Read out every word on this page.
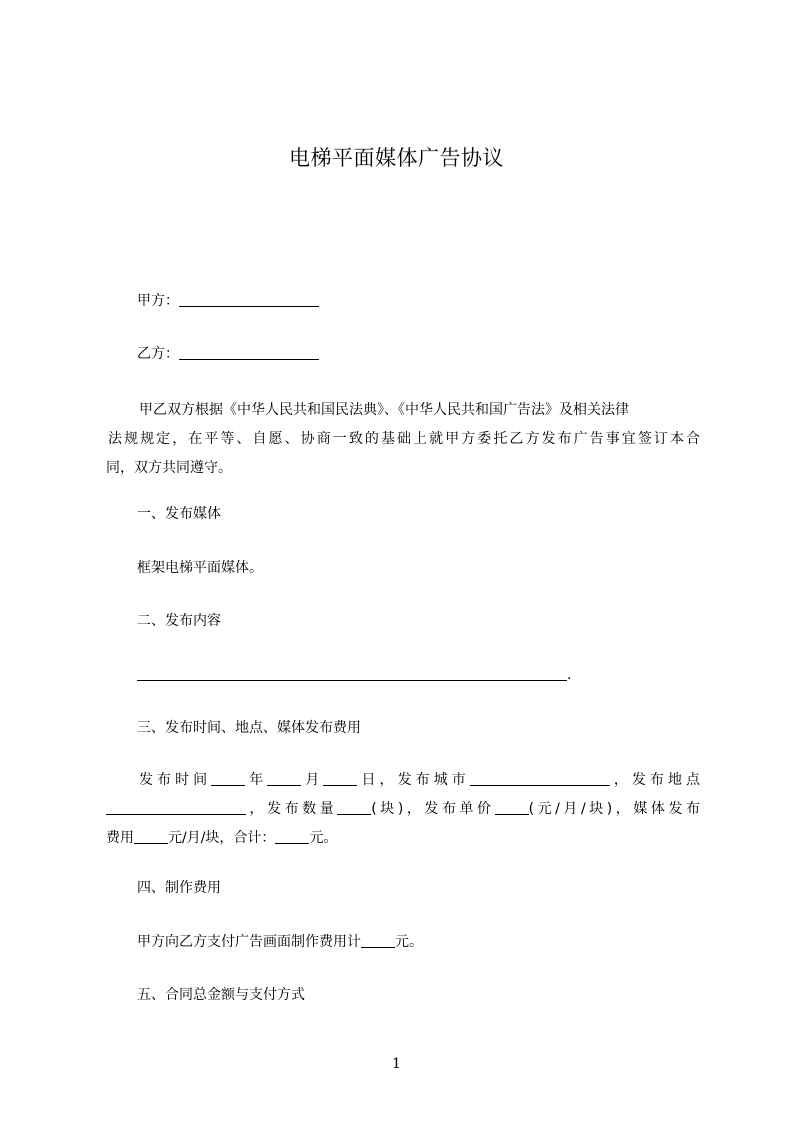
电梯平面媒体广告协议
甲方：
乙方：
甲乙双方根据《中华人民共和国民法典》、《中华人民共和国广告法》及相关法律
法规规定，在平等、自愿、协商一致的基础上就甲方委托乙方发布广告事宜签订本合
同，双方共同遵守。
一、发布媒体
框架电梯平面媒体。
二、发布内容
.
三、发布时间、地点、媒体发布费用
发布时间 年 月 日，发布城市	，发布地点
，发布数量 (块)，发布单价 (元/月/块)，媒体发布
费用 元/月/块，合计： 元。
四、制作费用
甲方向乙方支付广告画面制作费用计 元。
五、合同总金额与支付方式
1
